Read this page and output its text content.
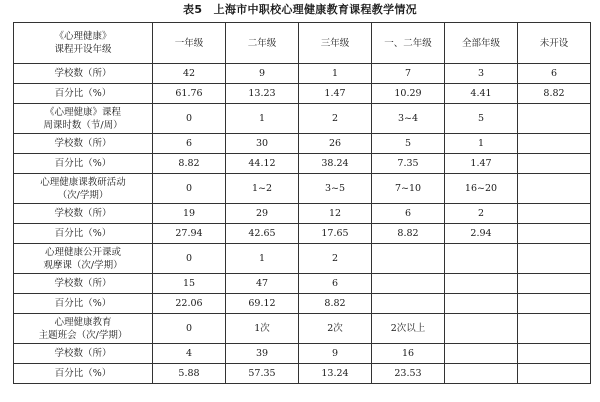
表5　上海市中职校心理健康教育课程教学情况
《心理健康》
课程开设年级	一年级	二年级	三年级	一、二年级	全部年级	未开设
学校数（所）	42	9	1	7	3	6
百分比（%）	61.76	13.23	1.47	10.29	4.41	8.82
《心理健康》课程
周课时数（节/周）	0	1	2	3~4	5	
学校数（所）	6	30	26	5	1	
百分比（%）	8.82	44.12	38.24	7.35	1.47	
心理健康课教研活动
（次/学期）	0	1~2	3~5	7~10	16~20	
学校数（所）	19	29	12	6	2	
百分比（%）	27.94	42.65	17.65	8.82	2.94	
心理健康公开课或
观摩课（次/学期）	0	1	2			
学校数（所）	15	47	6			
百分比（%）	22.06	69.12	8.82			
心理健康教育
主题班会（次/学期）	0	1次	2次	2次以上		
学校数（所）	4	39	9	16		
百分比（%）	5.88	57.35	13.24	23.53		
